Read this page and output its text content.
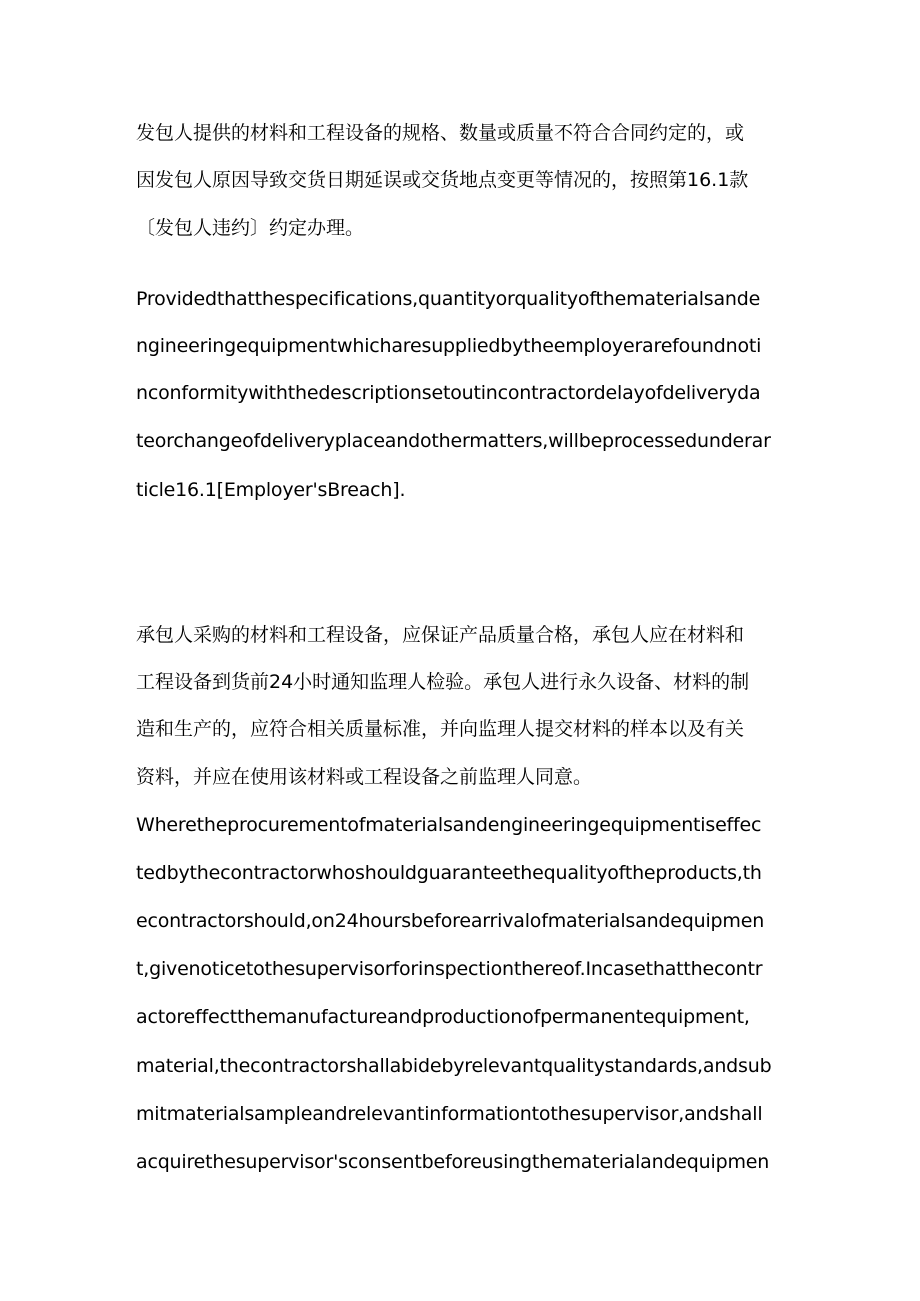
发包人提供的材料和工程设备的规格、数量或质量不符合合同约定的，或
因发包人原因导致交货日期延误或交货地点变更等情况的，按照第16.1款
〔发包人违约〕约定办理。
Providedthatthespecifications,quantityorqualityofthematerialsande
ngineeringequipmentwhicharesuppliedbytheemployerarefoundnoti
nconformitywiththedescriptionsetoutincontractordelayofdeliveryda
teorchangeofdeliveryplaceandothermatters,willbeprocessedunderar
ticle16.1[Employer'sBreach].
承包人采购的材料和工程设备，应保证产品质量合格，承包人应在材料和
工程设备到货前24小时通知监理人检验。承包人进行永久设备、材料的制
造和生产的，应符合相关质量标准，并向监理人提交材料的样本以及有关
资料，并应在使用该材料或工程设备之前监理人同意。
Wheretheprocurementofmaterialsandengineeringequipmentiseffec
tedbythecontractorwhoshouldguaranteethequalityoftheproducts,th
econtractorshould,on24hoursbeforearrivalofmaterialsandequipmen
t,givenoticetothesupervisorforinspectionthereof.Incasethatthecontr
actoreffectthemanufactureandproductionofpermanentequipment,
material,thecontractorshallabidebyrelevantqualitystandards,andsub
mitmaterialsampleandrelevantinformationtothesupervisor,andshall
acquirethesupervisor'sconsentbeforeusingthematerialandequipmen
